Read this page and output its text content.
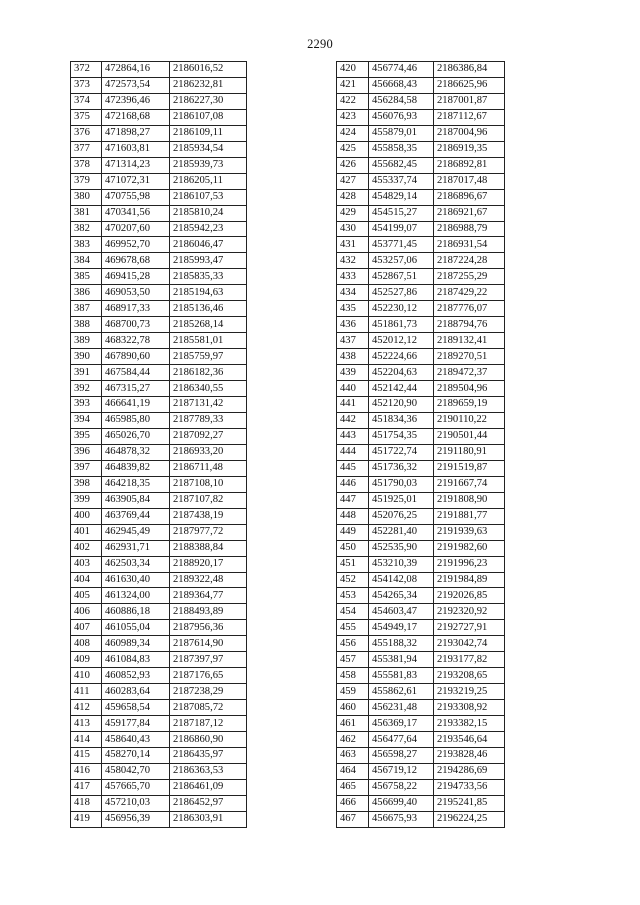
2290
372	472864,16	2186016,52
373	472573,54	2186232,81
374	472396,46	2186227,30
375	472168,68	2186107,08
376	471898,27	2186109,11
377	471603,81	2185934,54
378	471314,23	2185939,73
379	471072,31	2186205,11
380	470755,98	2186107,53
381	470341,56	2185810,24
382	470207,60	2185942,23
383	469952,70	2186046,47
384	469678,68	2185993,47
385	469415,28	2185835,33
386	469053,50	2185194,63
387	468917,33	2185136,46
388	468700,73	2185268,14
389	468322,78	2185581,01
390	467890,60	2185759,97
391	467584,44	2186182,36
392	467315,27	2186340,55
393	466641,19	2187131,42
394	465985,80	2187789,33
395	465026,70	2187092,27
396	464878,32	2186933,20
397	464839,82	2186711,48
398	464218,35	2187108,10
399	463905,84	2187107,82
400	463769,44	2187438,19
401	462945,49	2187977,72
402	462931,71	2188388,84
403	462503,34	2188920,17
404	461630,40	2189322,48
405	461324,00	2189364,77
406	460886,18	2188493,89
407	461055,04	2187956,36
408	460989,34	2187614,90
409	461084,83	2187397,97
410	460852,93	2187176,65
411	460283,64	2187238,29
412	459658,54	2187085,72
413	459177,84	2187187,12
414	458640,43	2186860,90
415	458270,14	2186435,97
416	458042,70	2186363,53
417	457665,70	2186461,09
418	457210,03	2186452,97
419	456956,39	2186303,91
420	456774,46	2186386,84
421	456668,43	2186625,96
422	456284,58	2187001,87
423	456076,93	2187112,67
424	455879,01	2187004,96
425	455858,35	2186919,35
426	455682,45	2186892,81
427	455337,74	2187017,48
428	454829,14	2186896,67
429	454515,27	2186921,67
430	454199,07	2186988,79
431	453771,45	2186931,54
432	453257,06	2187224,28
433	452867,51	2187255,29
434	452527,86	2187429,22
435	452230,12	2187776,07
436	451861,73	2188794,76
437	452012,12	2189132,41
438	452224,66	2189270,51
439	452204,63	2189472,37
440	452142,44	2189504,96
441	452120,90	2189659,19
442	451834,36	2190110,22
443	451754,35	2190501,44
444	451722,74	2191180,91
445	451736,32	2191519,87
446	451790,03	2191667,74
447	451925,01	2191808,90
448	452076,25	2191881,77
449	452281,40	2191939,63
450	452535,90	2191982,60
451	453210,39	2191996,23
452	454142,08	2191984,89
453	454265,34	2192026,85
454	454603,47	2192320,92
455	454949,17	2192727,91
456	455188,32	2193042,74
457	455381,94	2193177,82
458	455581,83	2193208,65
459	455862,61	2193219,25
460	456231,48	2193308,92
461	456369,17	2193382,15
462	456477,64	2193546,64
463	456598,27	2193828,46
464	456719,12	2194286,69
465	456758,22	2194733,56
466	456699,40	2195241,85
467	456675,93	2196224,25
